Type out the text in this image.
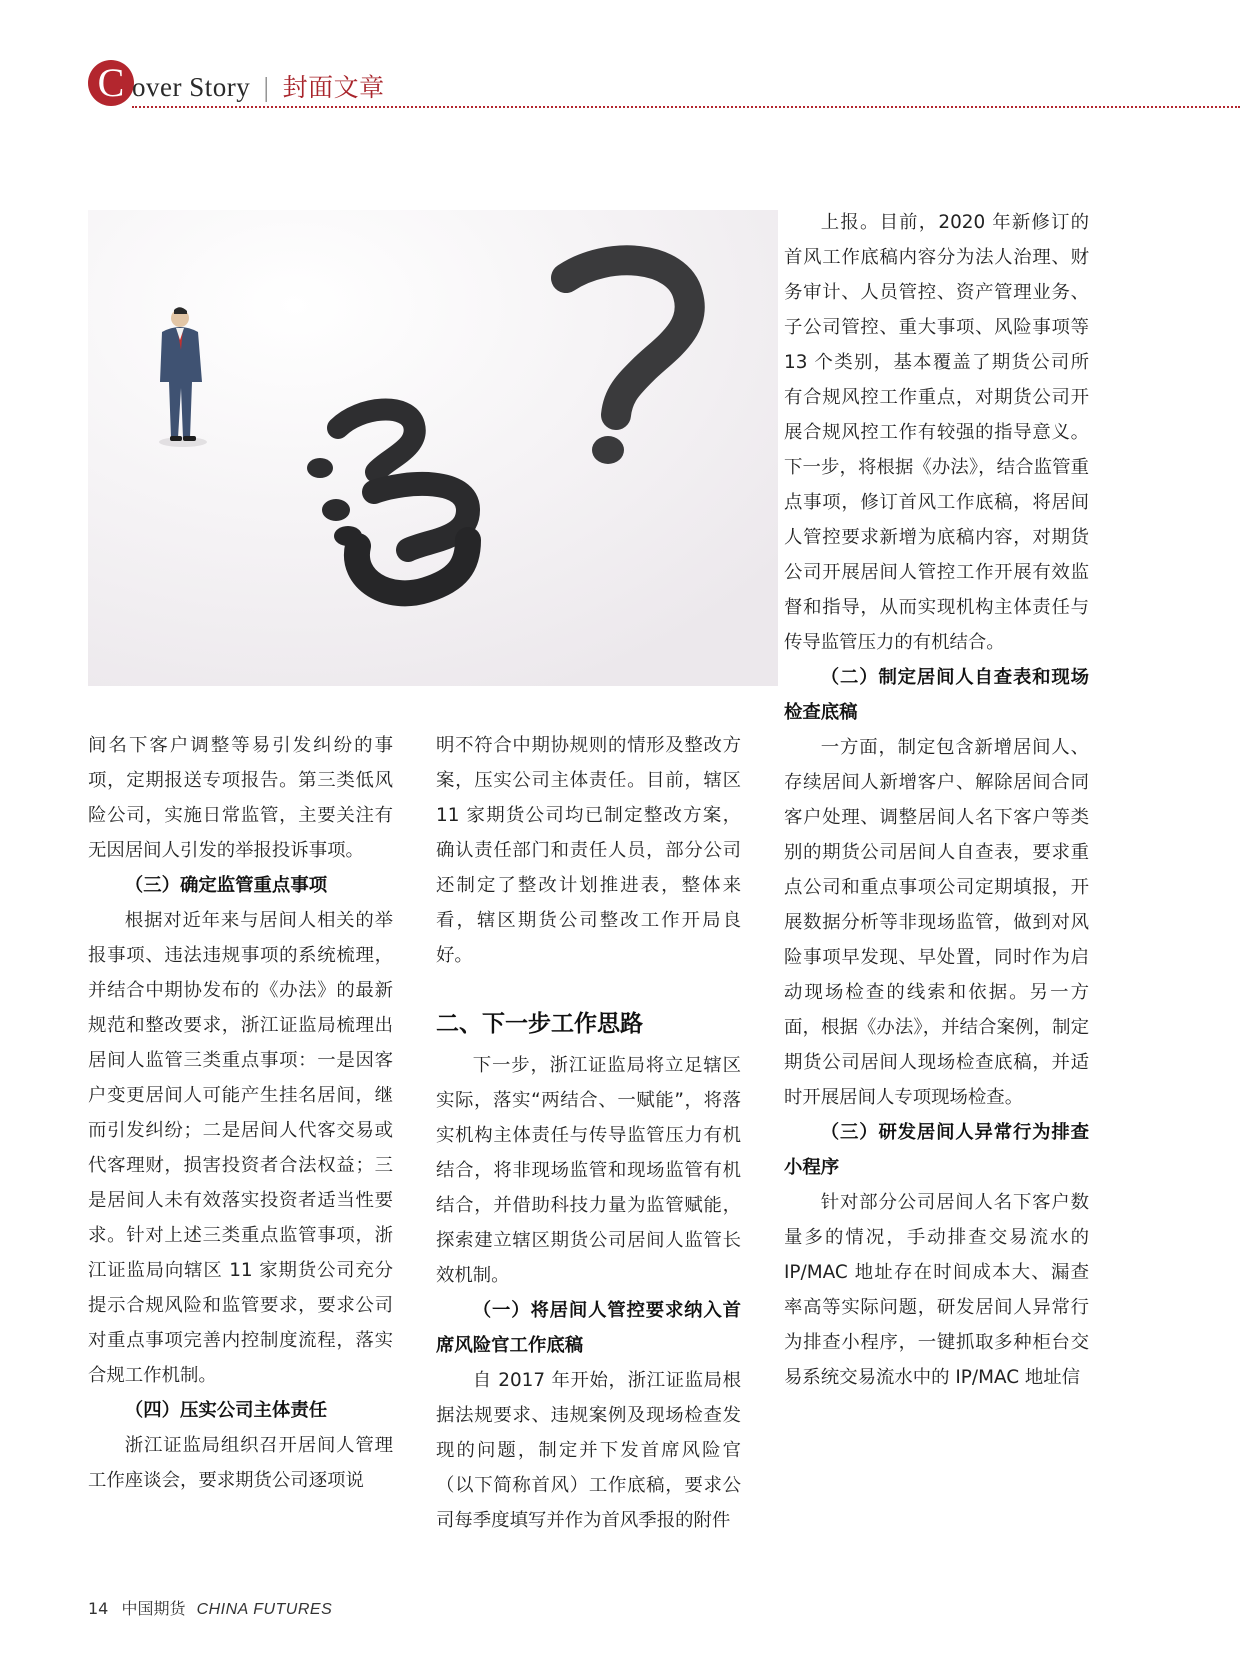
C over Story | 封面文章

间名下客户调整等易引发纠纷的事项，定期报送专项报告。第三类低风险公司，实施日常监管，主要关注有无因居间人引发的举报投诉事项。

（三）确定监管重点事项

根据对近年来与居间人相关的举报事项、违法违规事项的系统梳理，并结合中期协发布的《办法》的最新规范和整改要求，浙江证监局梳理出居间人监管三类重点事项：一是因客户变更居间人可能产生挂名居间，继而引发纠纷；二是居间人代客交易或代客理财，损害投资者合法权益；三是居间人未有效落实投资者适当性要求。针对上述三类重点监管事项，浙江证监局向辖区 11 家期货公司充分提示合规风险和监管要求，要求公司对重点事项完善内控制度流程，落实合规工作机制。

（四）压实公司主体责任

浙江证监局组织召开居间人管理工作座谈会，要求期货公司逐项说

明不符合中期协规则的情形及整改方案，压实公司主体责任。目前，辖区 11 家期货公司均已制定整改方案，确认责任部门和责任人员，部分公司还制定了整改计划推进表，整体来看，辖区期货公司整改工作开局良好。

二、下一步工作思路

下一步，浙江证监局将立足辖区实际，落实“两结合、一赋能”，将落实机构主体责任与传导监管压力有机结合，将非现场监管和现场监管有机结合，并借助科技力量为监管赋能，探索建立辖区期货公司居间人监管长效机制。

（一）将居间人管控要求纳入首席风险官工作底稿

自 2017 年开始，浙江证监局根据法规要求、违规案例及现场检查发现的问题，制定并下发首席风险官（以下简称首风）工作底稿，要求公司每季度填写并作为首风季报的附件

上报。目前，2020 年新修订的首风工作底稿内容分为法人治理、财务审计、人员管控、资产管理业务、子公司管控、重大事项、风险事项等 13 个类别，基本覆盖了期货公司所有合规风控工作重点，对期货公司开展合规风控工作有较强的指导意义。下一步，将根据《办法》，结合监管重点事项，修订首风工作底稿，将居间人管控要求新增为底稿内容，对期货公司开展居间人管控工作开展有效监督和指导，从而实现机构主体责任与传导监管压力的有机结合。

（二）制定居间人自查表和现场检查底稿

一方面，制定包含新增居间人、存续居间人新增客户、解除居间合同客户处理、调整居间人名下客户等类别的期货公司居间人自查表，要求重点公司和重点事项公司定期填报，开展数据分析等非现场监管，做到对风险事项早发现、早处置，同时作为启动现场检查的线索和依据。另一方面，根据《办法》，并结合案例，制定期货公司居间人现场检查底稿，并适时开展居间人专项现场检查。

（三）研发居间人异常行为排查小程序

针对部分公司居间人名下客户数量多的情况，手动排查交易流水的 IP/MAC 地址存在时间成本大、漏查率高等实际问题，研发居间人异常行为排查小程序，一键抓取多种柜台交易系统交易流水中的 IP/MAC 地址信

14 中国期货 CHINA FUTURES
